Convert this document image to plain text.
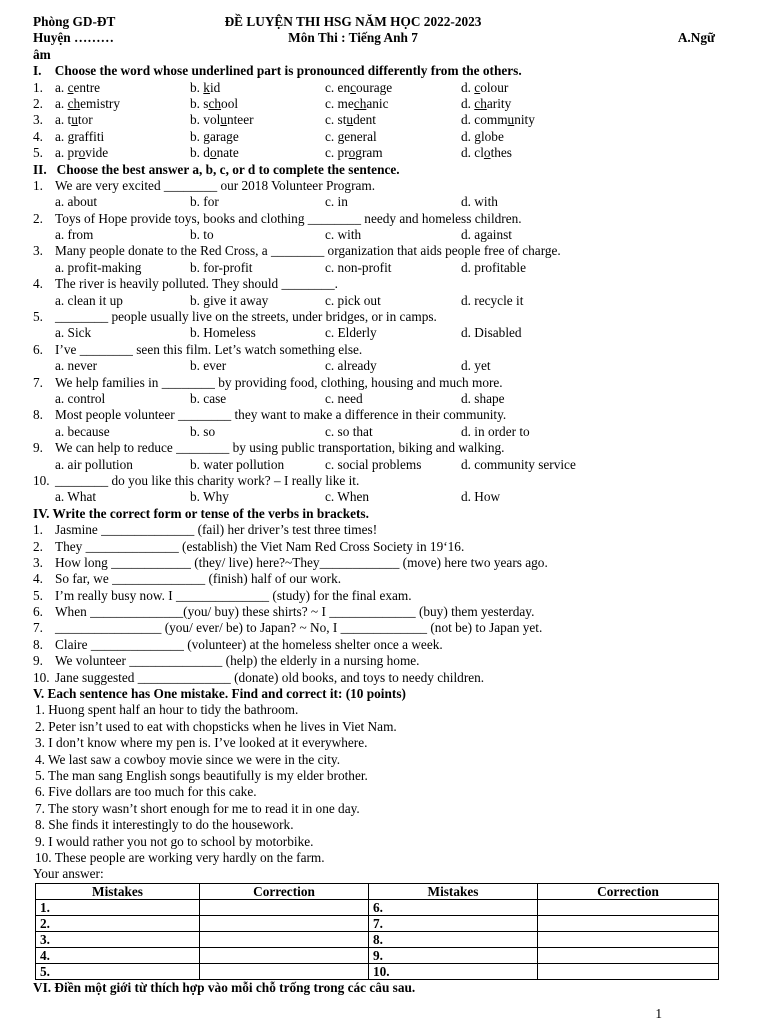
Phòng GD-ĐT	ĐỀ LUYỆN THI HSG NĂM HỌC 2022-2023
Huyện ………	Môn Thi : Tiếng Anh 7	A.Ngữ
âm
I.    Choose the word whose underlined part is pronounced differently from the others.
1. a. centre	b. kid	c. encourage	d. colour
2. a. chemistry	b. school	c. mechanic	d. charity
3. a. tutor	b. volunteer	c. student	d. community
4. a. graffiti	b. garage	c. general	d. globe
5. a. provide	b. donate	c. program	d. clothes
II.   Choose the best answer a, b, c, or d to complete the sentence.
1. We are very excited ________ our 2018 Volunteer Program.
a. about	b. for	c. in	d. with
2. Toys of Hope provide toys, books and clothing ________ needy and homeless children.
a. from	b. to	c. with	d. against
3. Many people donate to the Red Cross, a ________ organization that aids people free of charge.
a. profit-making	b. for-profit	c. non-profit	d. profitable
4. The river is heavily polluted. They should ________.
a. clean it up	b. give it away	c. pick out	d. recycle it
5. ________ people usually live on the streets, under bridges, or in camps.
a. Sick	b. Homeless	c. Elderly	d. Disabled
6. I’ve ________ seen this film. Let’s watch something else.
a. never	b. ever	c. already	d. yet
7. We help families in ________ by providing food, clothing, housing and much more.
a. control	b. case	c. need	d. shape
8. Most people volunteer ________ they want to make a difference in their community.
a. because	b. so	c. so that	d. in order to
9. We can help to reduce ________ by using public transportation, biking and walking.
a. air pollution	b. water pollution	c. social problems	d. community service
10. ________ do you like this charity work? – I really like it.
a. What	b. Why	c. When	d. How
IV. Write the correct form or tense of the verbs in brackets.
1. Jasmine ______________ (fail) her driver’s test three times!
2. They ______________ (establish) the Viet Nam Red Cross Society in 19‘16.
3. How long ____________ (they/ live) here?~They____________ (move) here two years ago.
4. So far, we ______________ (finish) half of our work.
5. I’m really busy now. I ______________ (study) for the final exam.
6. When ______________(you/ buy) these shirts? ~ I _____________ (buy) them yesterday.
7. ________________ (you/ ever/ be) to Japan? ~ No, I _____________ (not be) to Japan yet.
8. Claire ______________ (volunteer) at the homeless shelter once a week.
9. We volunteer ______________ (help) the elderly in a nursing home.
10. Jane suggested ______________ (donate) old books, and toys to needy children.
V. Each sentence has One mistake. Find and correct it: (10 points)
1. Huong spent half an hour to tidy the bathroom.
2. Peter isn’t used to eat with chopsticks when he lives in Viet Nam.
3. I don’t know where my pen is. I’ve looked at it everywhere.
4. We last saw a cowboy movie since we were in the city.
5. The man sang English songs beautifully is my elder brother.
6. Five dollars are too much for this cake.
7. The story wasn’t short enough for me to read it in one day.
8. She finds it interestingly to do the housework.
9. I would rather you not go to school by motorbike.
10. These people are working very hardly on the farm.
Your answer:
Mistakes	Correction	Mistakes	Correction
1.		6.	
2.		7.	
3.		8.	
4.		9.	
5.		10.	
VI. Điền một giới từ thích hợp vào mỗi chỗ trống trong các câu sau.
1
